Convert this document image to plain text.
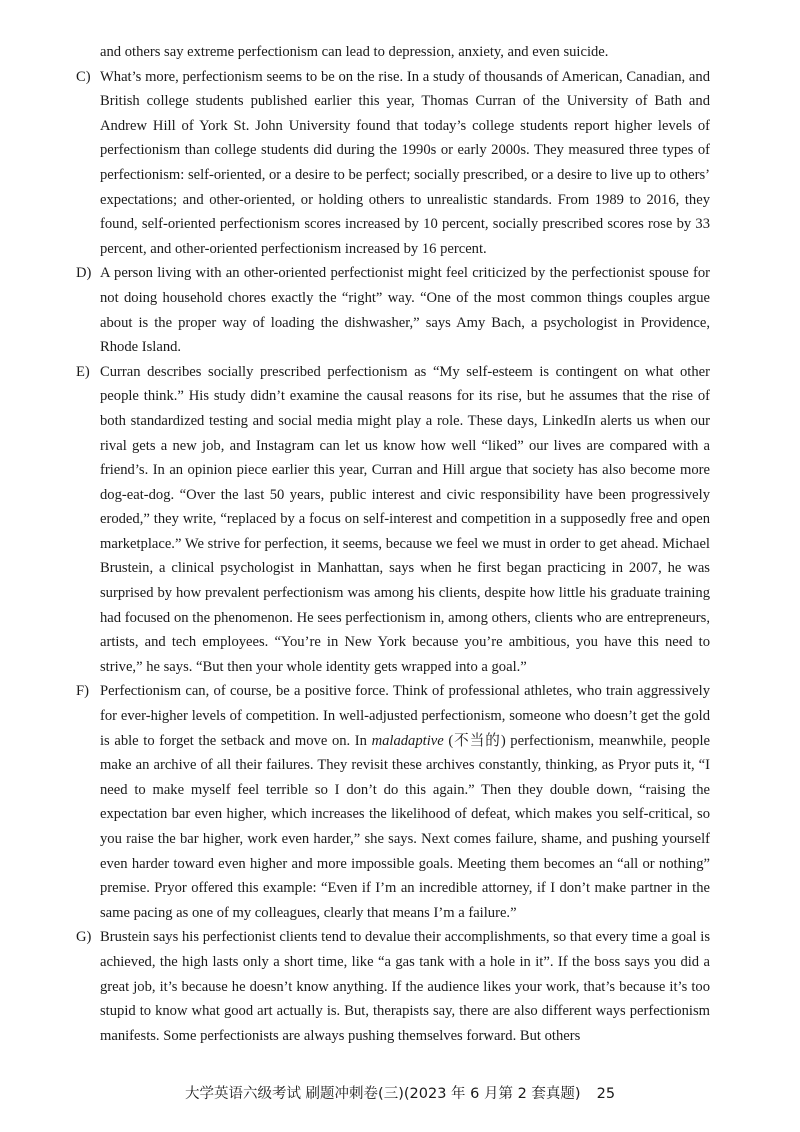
and others say extreme perfectionism can lead to depression, anxiety, and even suicide.

C) What’s more, perfectionism seems to be on the rise. In a study of thousands of American, Canadian, and British college students published earlier this year, Thomas Curran of the University of Bath and Andrew Hill of York St. John University found that today’s college students report higher levels of perfectionism than college students did during the 1990s or early 2000s. They measured three types of perfectionism: self-oriented, or a desire to be perfect; socially prescribed, or a desire to live up to others’ expectations; and other-oriented, or holding others to unrealistic standards. From 1989 to 2016, they found, self-oriented perfectionism scores increased by 10 percent, socially prescribed scores rose by 33 percent, and other-oriented perfectionism increased by 16 percent.

D) A person living with an other-oriented perfectionist might feel criticized by the perfectionist spouse for not doing household chores exactly the “right” way. “One of the most common things couples argue about is the proper way of loading the dishwasher,” says Amy Bach, a psychologist in Providence, Rhode Island.

E) Curran describes socially prescribed perfectionism as “My self-esteem is contingent on what other people think.” His study didn’t examine the causal reasons for its rise, but he assumes that the rise of both standardized testing and social media might play a role. These days, LinkedIn alerts us when our rival gets a new job, and Instagram can let us know how well “liked” our lives are compared with a friend’s. In an opinion piece earlier this year, Curran and Hill argue that society has also become more dog-eat-dog. “Over the last 50 years, public interest and civic responsibility have been progressively eroded,” they write, “replaced by a focus on self-interest and competition in a supposedly free and open marketplace.” We strive for perfection, it seems, because we feel we must in order to get ahead. Michael Brustein, a clinical psychologist in Manhattan, says when he first began practicing in 2007, he was surprised by how prevalent perfectionism was among his clients, despite how little his graduate training had focused on the phenomenon. He sees perfectionism in, among others, clients who are entrepreneurs, artists, and tech employees. “You’re in New York because you’re ambitious, you have this need to strive,” he says. “But then your whole identity gets wrapped into a goal.”

F) Perfectionism can, of course, be a positive force. Think of professional athletes, who train aggressively for ever-higher levels of competition. In well-adjusted perfectionism, someone who doesn’t get the gold is able to forget the setback and move on. In maladaptive (不当的) perfectionism, meanwhile, people make an archive of all their failures. They revisit these archives constantly, thinking, as Pryor puts it, “I need to make myself feel terrible so I don’t do this again.” Then they double down, “raising the expectation bar even higher, which increases the likelihood of defeat, which makes you self-critical, so you raise the bar higher, work even harder,” she says. Next comes failure, shame, and pushing yourself even harder toward even higher and more impossible goals. Meeting them becomes an “all or nothing” premise. Pryor offered this example: “Even if I’m an incredible attorney, if I don’t make partner in the same pacing as one of my colleagues, clearly that means I’m a failure.”

G) Brustein says his perfectionist clients tend to devalue their accomplishments, so that every time a goal is achieved, the high lasts only a short time, like “a gas tank with a hole in it”. If the boss says you did a great job, it’s because he doesn’t know anything. If the audience likes your work, that’s because it’s too stupid to know what good art actually is. But, therapists say, there are also different ways perfectionism manifests. Some perfectionists are always pushing themselves forward. But others

大学英语六级考试 刷题冲刺卷(三)(2023 年 6 月第 2 套真题) 25
